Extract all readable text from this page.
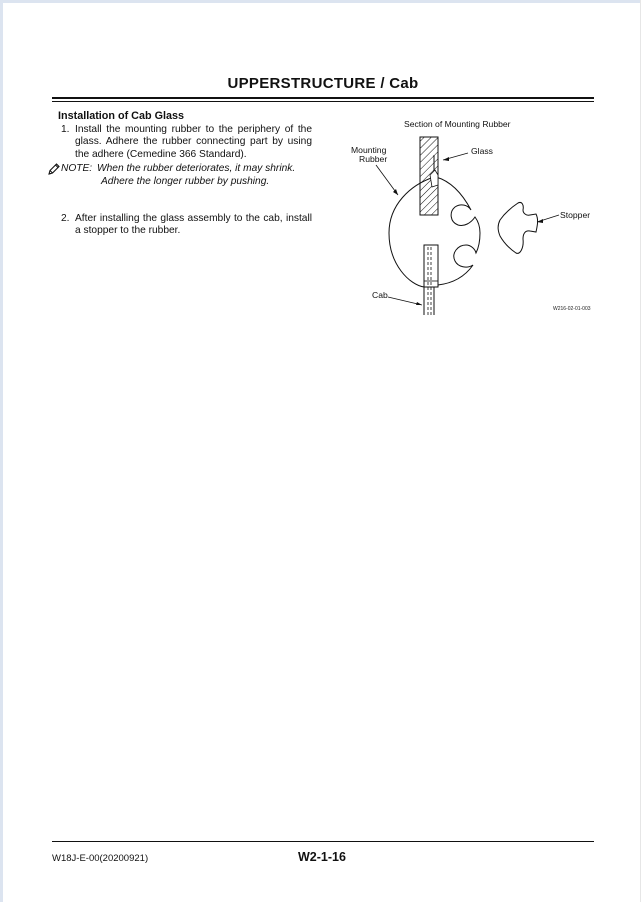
UPPERSTRUCTURE / Cab
Installation of Cab Glass
1. Install the mounting rubber to the periphery of the glass. Adhere the rubber connecting part by using the adhere (Cemedine 366 Standard).
NOTE: When the rubber deteriorates, it may shrink.
Adhere the longer rubber by pushing.
2. After installing the glass assembly to the cab, install a stopper to the rubber.
Section of Mounting Rubber
Mounting
Rubber
Glass
Stopper
Cab
W216-02-01-003
W18J-E-00(20200921)	W2-1-16
